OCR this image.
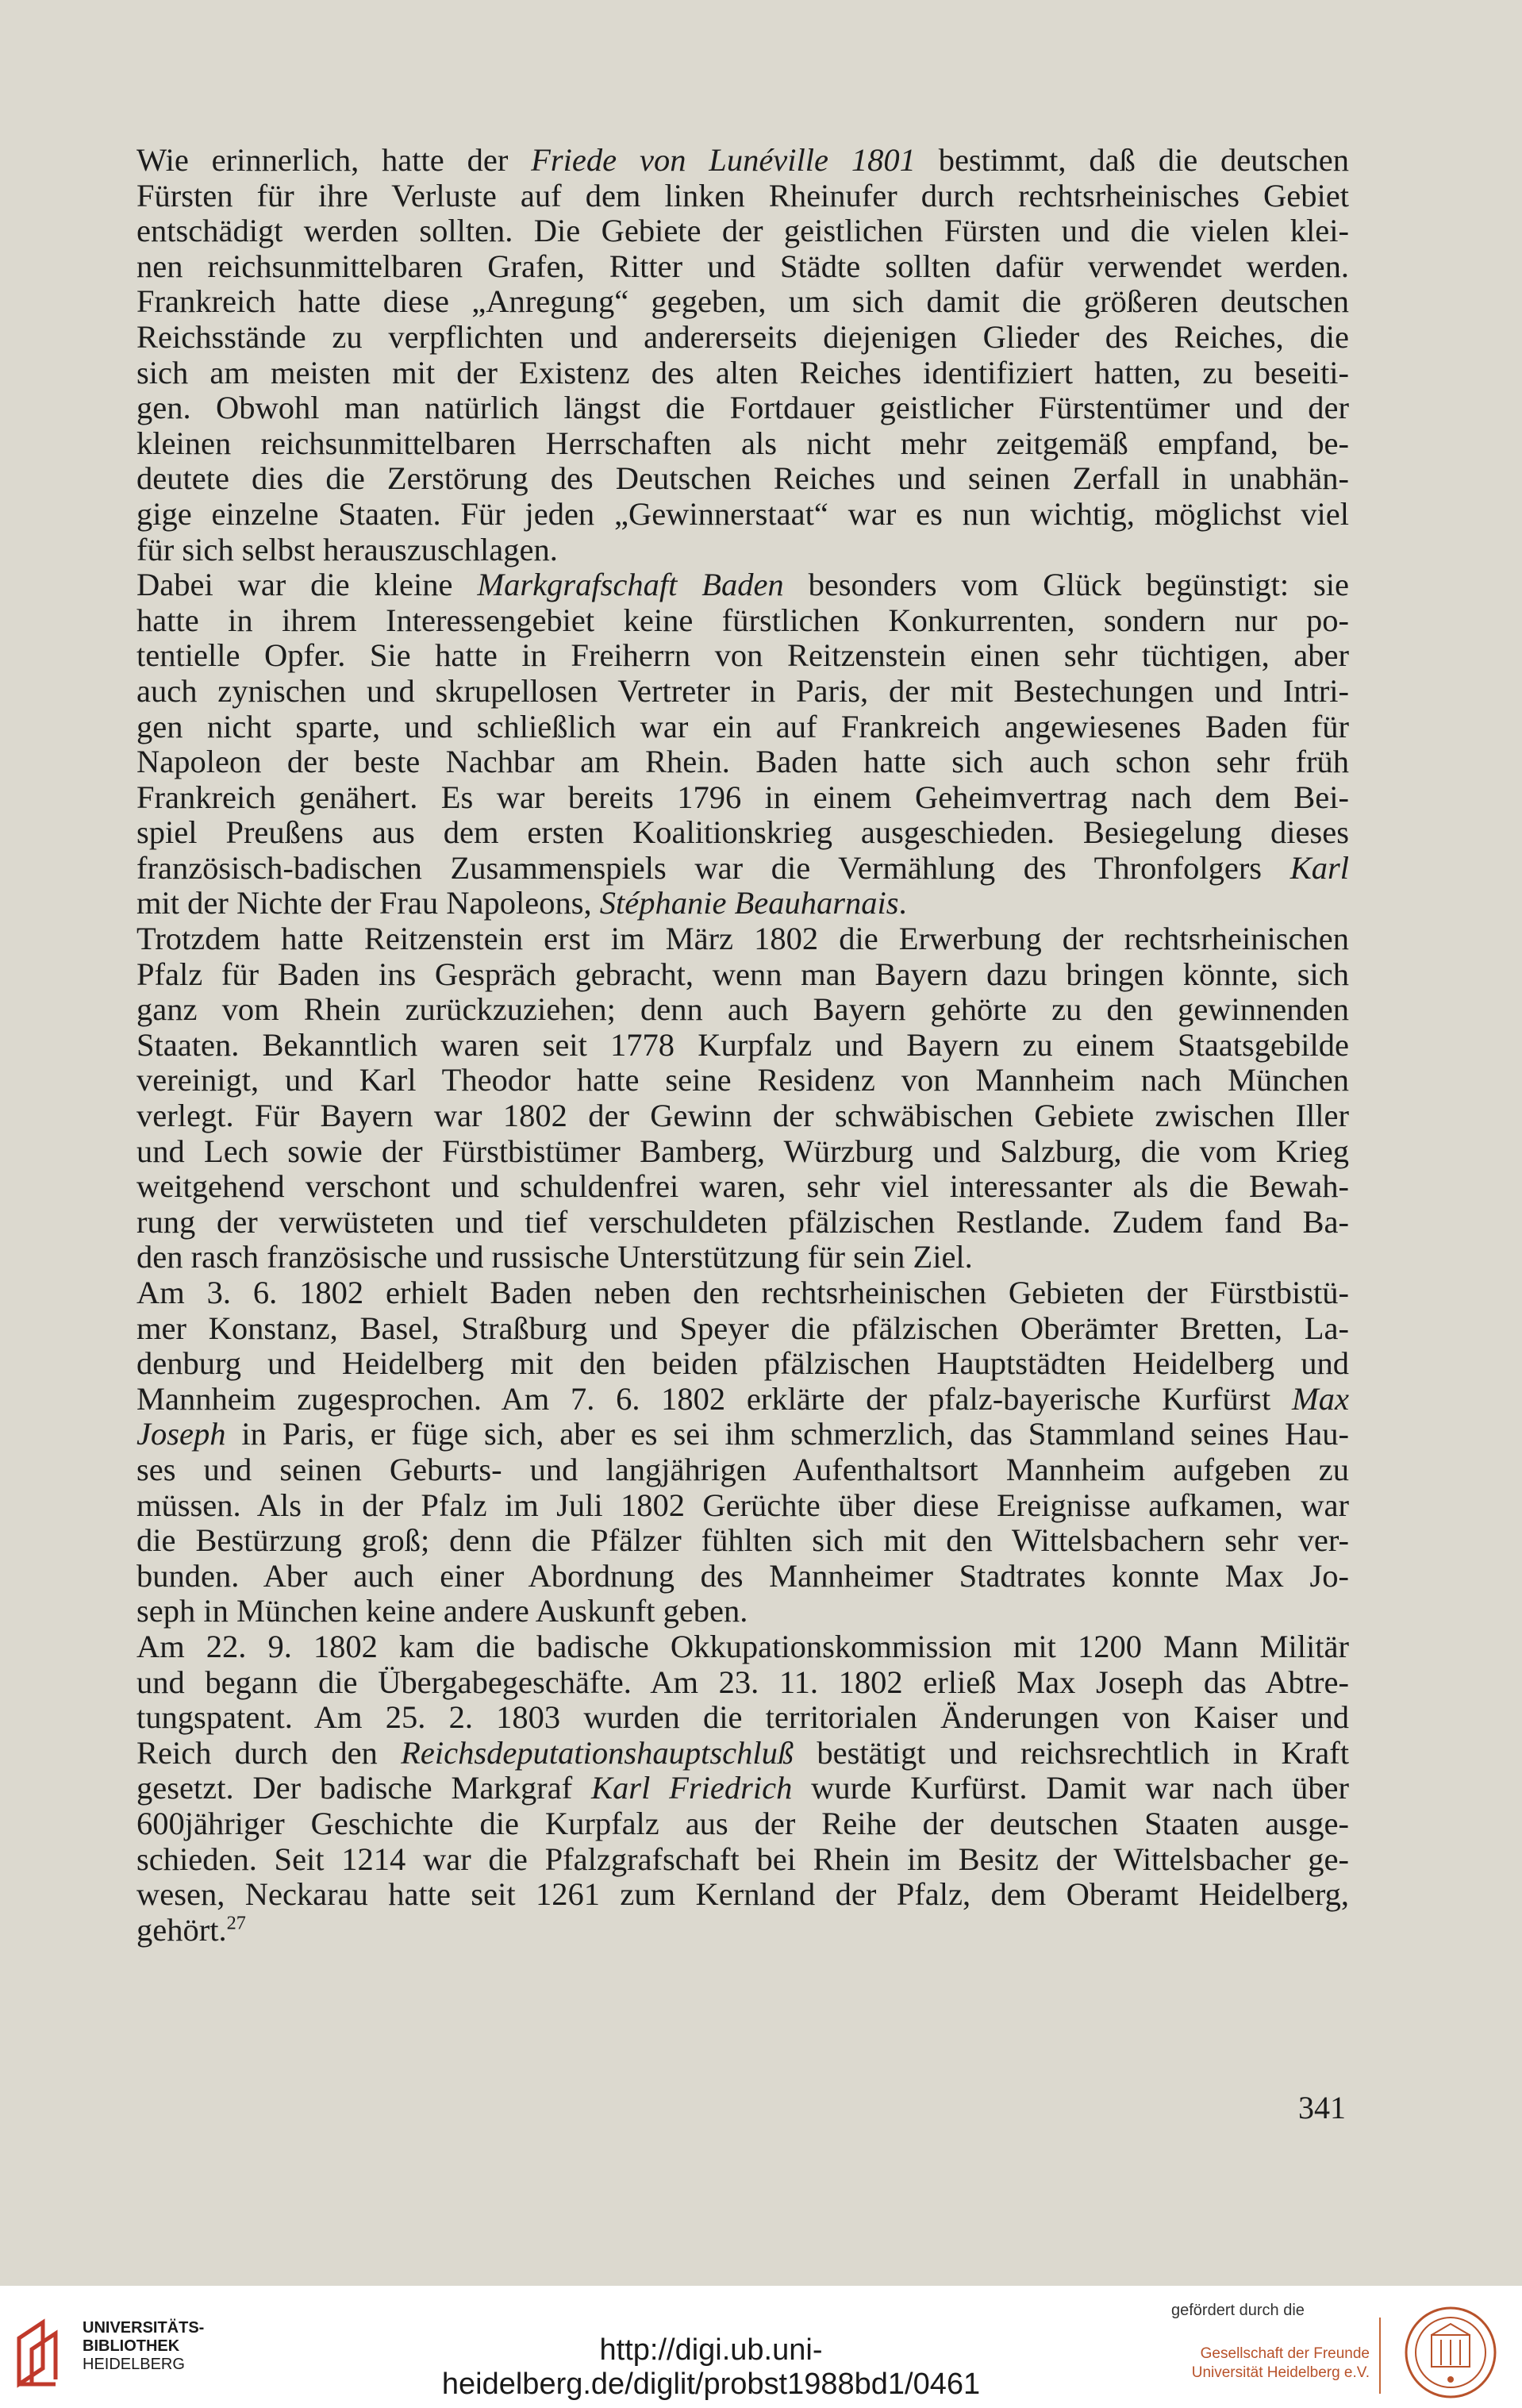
Wie erinnerlich, hatte der Friede von Lunéville 1801 bestimmt, daß die deutschen
Fürsten für ihre Verluste auf dem linken Rheinufer durch rechtsrheinisches Gebiet
entschädigt werden sollten. Die Gebiete der geistlichen Fürsten und die vielen klei-
nen reichsunmittelbaren Grafen, Ritter und Städte sollten dafür verwendet werden.
Frankreich hatte diese „Anregung“ gegeben, um sich damit die größeren deutschen
Reichsstände zu verpflichten und andererseits diejenigen Glieder des Reiches, die
sich am meisten mit der Existenz des alten Reiches identifiziert hatten, zu beseiti-
gen. Obwohl man natürlich längst die Fortdauer geistlicher Fürstentümer und der
kleinen reichsunmittelbaren Herrschaften als nicht mehr zeitgemäß empfand, be-
deutete dies die Zerstörung des Deutschen Reiches und seinen Zerfall in unabhän-
gige einzelne Staaten. Für jeden „Gewinnerstaat“ war es nun wichtig, möglichst viel
für sich selbst herauszuschlagen.
Dabei war die kleine Markgrafschaft Baden besonders vom Glück begünstigt: sie
hatte in ihrem Interessengebiet keine fürstlichen Konkurrenten, sondern nur po-
tentielle Opfer. Sie hatte in Freiherrn von Reitzenstein einen sehr tüchtigen, aber
auch zynischen und skrupellosen Vertreter in Paris, der mit Bestechungen und Intri-
gen nicht sparte, und schließlich war ein auf Frankreich angewiesenes Baden für
Napoleon der beste Nachbar am Rhein. Baden hatte sich auch schon sehr früh
Frankreich genähert. Es war bereits 1796 in einem Geheimvertrag nach dem Bei-
spiel Preußens aus dem ersten Koalitionskrieg ausgeschieden. Besiegelung dieses
französisch-badischen Zusammenspiels war die Vermählung des Thronfolgers Karl
mit der Nichte der Frau Napoleons, Stéphanie Beauharnais.
Trotzdem hatte Reitzenstein erst im März 1802 die Erwerbung der rechtsrheinischen
Pfalz für Baden ins Gespräch gebracht, wenn man Bayern dazu bringen könnte, sich
ganz vom Rhein zurückzuziehen; denn auch Bayern gehörte zu den gewinnenden
Staaten. Bekanntlich waren seit 1778 Kurpfalz und Bayern zu einem Staatsgebilde
vereinigt, und Karl Theodor hatte seine Residenz von Mannheim nach München
verlegt. Für Bayern war 1802 der Gewinn der schwäbischen Gebiete zwischen Iller
und Lech sowie der Fürstbistümer Bamberg, Würzburg und Salzburg, die vom Krieg
weitgehend verschont und schuldenfrei waren, sehr viel interessanter als die Bewah-
rung der verwüsteten und tief verschuldeten pfälzischen Restlande. Zudem fand Ba-
den rasch französische und russische Unterstützung für sein Ziel.
Am 3. 6. 1802 erhielt Baden neben den rechtsrheinischen Gebieten der Fürstbistü-
mer Konstanz, Basel, Straßburg und Speyer die pfälzischen Oberämter Bretten, La-
denburg und Heidelberg mit den beiden pfälzischen Hauptstädten Heidelberg und
Mannheim zugesprochen. Am 7. 6. 1802 erklärte der pfalz-bayerische Kurfürst Max
Joseph in Paris, er füge sich, aber es sei ihm schmerzlich, das Stammland seines Hau-
ses und seinen Geburts- und langjährigen Aufenthaltsort Mannheim aufgeben zu
müssen. Als in der Pfalz im Juli 1802 Gerüchte über diese Ereignisse aufkamen, war
die Bestürzung groß; denn die Pfälzer fühlten sich mit den Wittelsbachern sehr ver-
bunden. Aber auch einer Abordnung des Mannheimer Stadtrates konnte Max Jo-
seph in München keine andere Auskunft geben.
Am 22. 9. 1802 kam die badische Okkupationskommission mit 1200 Mann Militär
und begann die Übergabegeschäfte. Am 23. 11. 1802 erließ Max Joseph das Abtre-
tungspatent. Am 25. 2. 1803 wurden die territorialen Änderungen von Kaiser und
Reich durch den Reichsdeputationshauptschluß bestätigt und reichsrechtlich in Kraft
gesetzt. Der badische Markgraf Karl Friedrich wurde Kurfürst. Damit war nach über
600jähriger Geschichte die Kurpfalz aus der Reihe der deutschen Staaten ausge-
schieden. Seit 1214 war die Pfalzgrafschaft bei Rhein im Besitz der Wittelsbacher ge-
wesen, Neckarau hatte seit 1261 zum Kernland der Pfalz, dem Oberamt Heidelberg,
gehört.$^{27}$
341
UNIVERSITÄTS-
BIBLIOTHEK
HEIDELBERG	http://digi.ub.uni-heidelberg.de/diglit/probst1988bd1/0461
gefördert durch die
Gesellschaft der Freunde
Universität Heidelberg e.V.
